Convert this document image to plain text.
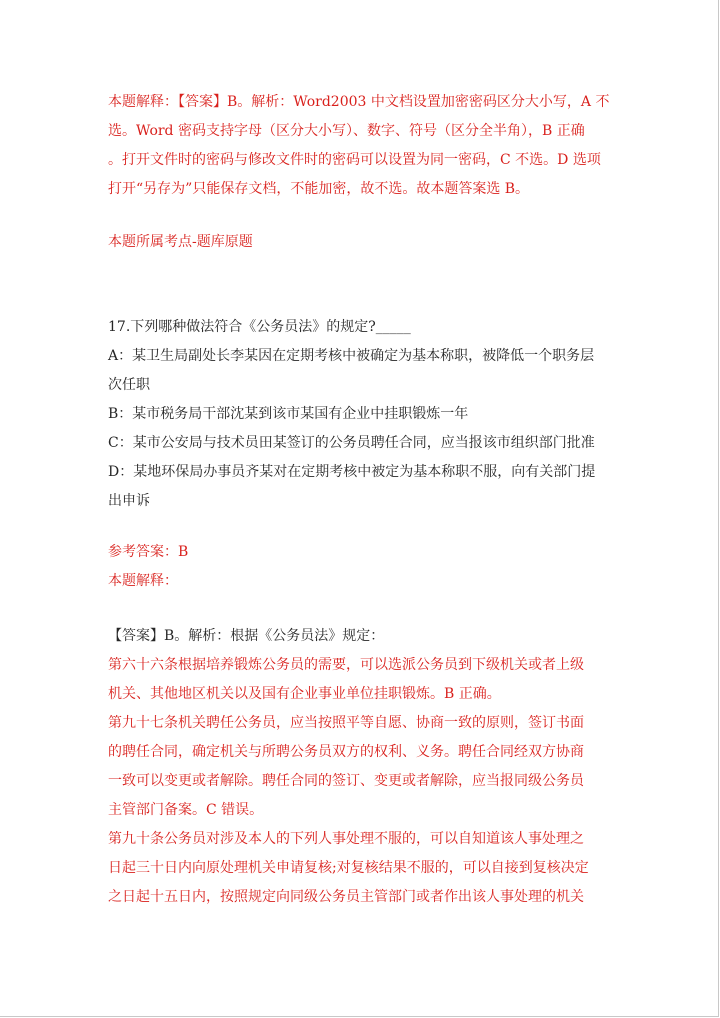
本题解释：【答案】B。解析：Word2003 中文档设置加密密码区分大小写，A 不

选。Word 密码支持字母（区分大小写）、数字、符号（区分全半角），B 正确

。打开文件时的密码与修改文件时的密码可以设置为同一密码，C 不选。D 选项

打开“另存为”只能保存文档，不能加密，故不选。故本题答案选 B。

本题所属考点-题库原题

17.下列哪种做法符合《公务员法》的规定?_____

A：某卫生局副处长李某因在定期考核中被确定为基本称职，被降低一个职务层

次任职

B：某市税务局干部沈某到该市某国有企业中挂职锻炼一年

C：某市公安局与技术员田某签订的公务员聘任合同，应当报该市组织部门批准

D：某地环保局办事员齐某对在定期考核中被定为基本称职不服，向有关部门提

出申诉

参考答案：B

本题解释：

【答案】B。解析：根据《公务员法》规定：

第六十六条根据培养锻炼公务员的需要，可以选派公务员到下级机关或者上级

机关、其他地区机关以及国有企业事业单位挂职锻炼。B 正确。

第九十七条机关聘任公务员，应当按照平等自愿、协商一致的原则，签订书面

的聘任合同，确定机关与所聘公务员双方的权利、义务。聘任合同经双方协商

一致可以变更或者解除。聘任合同的签订、变更或者解除，应当报同级公务员

主管部门备案。C 错误。

第九十条公务员对涉及本人的下列人事处理不服的，可以自知道该人事处理之

日起三十日内向原处理机关申请复核;对复核结果不服的，可以自接到复核决定

之日起十五日内，按照规定向同级公务员主管部门或者作出该人事处理的机关
